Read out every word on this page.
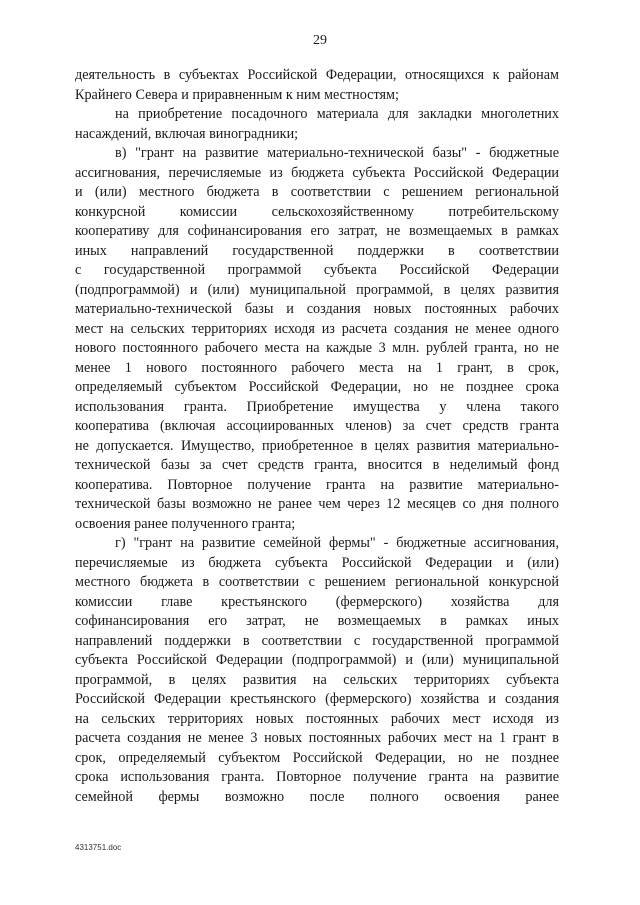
29
деятельность в субъектах Российской Федерации, относящихся к районам
Крайнего Севера и приравненным к ним местностям;
на приобретение посадочного материала для закладки многолетних
насаждений, включая виноградники;
в) "грант на развитие материально-технической базы" - бюджетные
ассигнования, перечисляемые из бюджета субъекта Российской Федерации
и (или) местного бюджета в соответствии с решением региональной
конкурсной комиссии сельскохозяйственному потребительскому
кооперативу для софинансирования его затрат, не возмещаемых в рамках
иных направлений государственной поддержки в соответствии
с государственной программой субъекта Российской Федерации
(подпрограммой) и (или) муниципальной программой, в целях развития
материально-технической базы и создания новых постоянных рабочих
мест на сельских территориях исходя из расчета создания не менее одного
нового постоянного рабочего места на каждые 3 млн. рублей гранта, но не
менее 1 нового постоянного рабочего места на 1 грант, в срок,
определяемый субъектом Российской Федерации, но не позднее срока
использования гранта. Приобретение имущества у члена такого
кооператива (включая ассоциированных членов) за счет средств гранта
не допускается. Имущество, приобретенное в целях развития материально-
технической базы за счет средств гранта, вносится в неделимый фонд
кооператива. Повторное получение гранта на развитие материально-
технической базы возможно не ранее чем через 12 месяцев со дня полного
освоения ранее полученного гранта;
г) "грант на развитие семейной фермы" - бюджетные ассигнования,
перечисляемые из бюджета субъекта Российской Федерации и (или)
местного бюджета в соответствии с решением региональной конкурсной
комиссии главе крестьянского (фермерского) хозяйства для
софинансирования его затрат, не возмещаемых в рамках иных
направлений поддержки в соответствии с государственной программой
субъекта Российской Федерации (подпрограммой) и (или) муниципальной
программой, в целях развития на сельских территориях субъекта
Российской Федерации крестьянского (фермерского) хозяйства и создания
на сельских территориях новых постоянных рабочих мест исходя из
расчета создания не менее 3 новых постоянных рабочих мест на 1 грант в
срок, определяемый субъектом Российской Федерации, но не позднее
срока использования гранта. Повторное получение гранта на развитие
семейной фермы возможно после полного освоения ранее
4313751.doc
